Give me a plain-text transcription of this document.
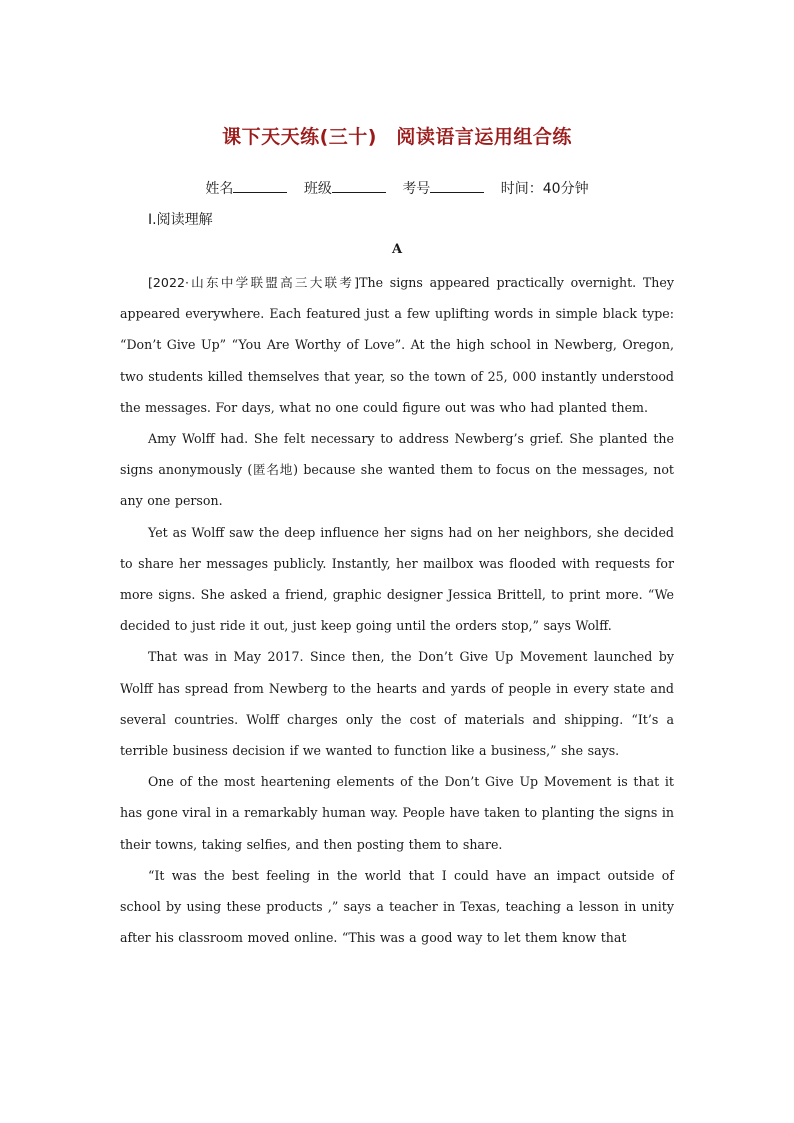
课下天天练(三十)　阅读语言运用组合练
姓名	班级	考号	时间：40分钟
Ⅰ.阅读理解
A

[2022·山东中学联盟高三大联考]The signs appeared practically overnight. They appeared everywhere. Each featured just a few uplifting words in simple black type: “Don’t Give Up” “You Are Worthy of Love”. At the high school in Newberg, Oregon, two students killed themselves that year, so the town of 25, 000 instantly understood the messages. For days, what no one could figure out was who had planted them.

Amy Wolff had. She felt necessary to address Newberg’s grief. She planted the signs anonymously (匿名地) because she wanted them to focus on the messages, not any one person.

Yet as Wolff saw the deep influence her signs had on her neighbors, she decided to share her messages publicly. Instantly, her mailbox was flooded with requests for more signs. She asked a friend, graphic designer Jessica Brittell, to print more. “We decided to just ride it out, just keep going until the orders stop,” says Wolff.

That was in May 2017. Since then, the Don’t Give Up Movement launched by Wolff has spread from Newberg to the hearts and yards of people in every state and several countries. Wolff charges only the cost of materials and shipping. “It’s a terrible business decision if we wanted to function like a business,” she says.

One of the most heartening elements of the Don’t Give Up Movement is that it has gone viral in a remarkably human way. People have taken to planting the signs in their towns, taking selfies, and then posting them to share.

“It was the best feeling in the world that I could have an impact outside of school by using these products ,” says a teacher in Texas, teaching a lesson in unity after his classroom moved online. “This was a good way to let them know that
